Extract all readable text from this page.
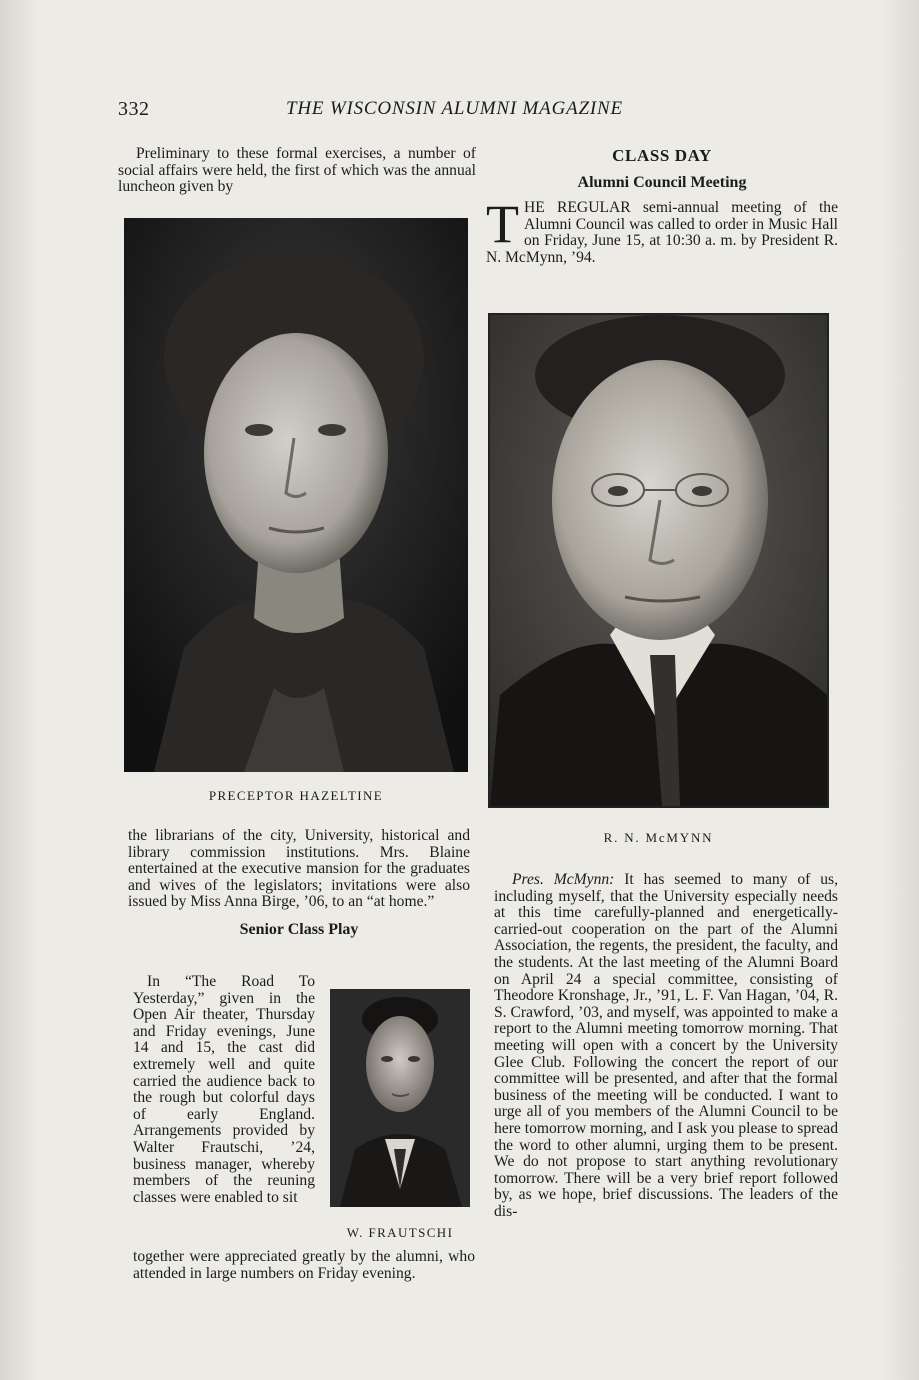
332	THE WISCONSIN ALUMNI MAGAZINE

Preliminary to these formal exercises, a number of social affairs were held, the first of which was the annual luncheon given by

PRECEPTOR HAZELTINE

the librarians of the city, University, historical and library commission institutions. Mrs. Blaine entertained at the executive mansion for the graduates and wives of the legislators; invitations were also issued by Miss Anna Birge, ’06, to an “at home.”

Senior Class Play

In “The Road To Yesterday,” given in the Open Air theater, Thursday and Friday evenings, June 14 and 15, the cast did extremely well and quite carried the audience back to the rough but colorful days of early England. Arrangements provided by Walter Frautschi, ’24, business manager, whereby members of the reuning classes were enabled to sit

W. FRAUTSCHI

together were appreciated greatly by the alumni, who attended in large numbers on Friday evening.

CLASS DAY

Alumni Council Meeting

T HE REGULAR semi-annual meeting of the Alumni Council was called to order in Music Hall on Friday, June 15, at 10:30 a. m. by President R. N. McMynn, ’94.

R. N. McMYNN

Pres. McMynn: It has seemed to many of us, including myself, that the University especially needs at this time carefully-planned and energetically-carried-out cooperation on the part of the Alumni Association, the regents, the president, the faculty, and the students. At the last meeting of the Alumni Board on April 24 a special committee, consisting of Theodore Kronshage, Jr., ’91, L. F. Van Hagan, ’04, R. S. Crawford, ’03, and myself, was appointed to make a report to the Alumni meeting tomorrow morning. That meeting will open with a concert by the University Glee Club. Following the concert the report of our committee will be presented, and after that the formal business of the meeting will be conducted. I want to urge all of you members of the Alumni Council to be here tomorrow morning, and I ask you please to spread the word to other alumni, urging them to be present. We do not propose to start anything revolutionary tomorrow. There will be a very brief report followed by, as we hope, brief discussions. The leaders of the dis-
